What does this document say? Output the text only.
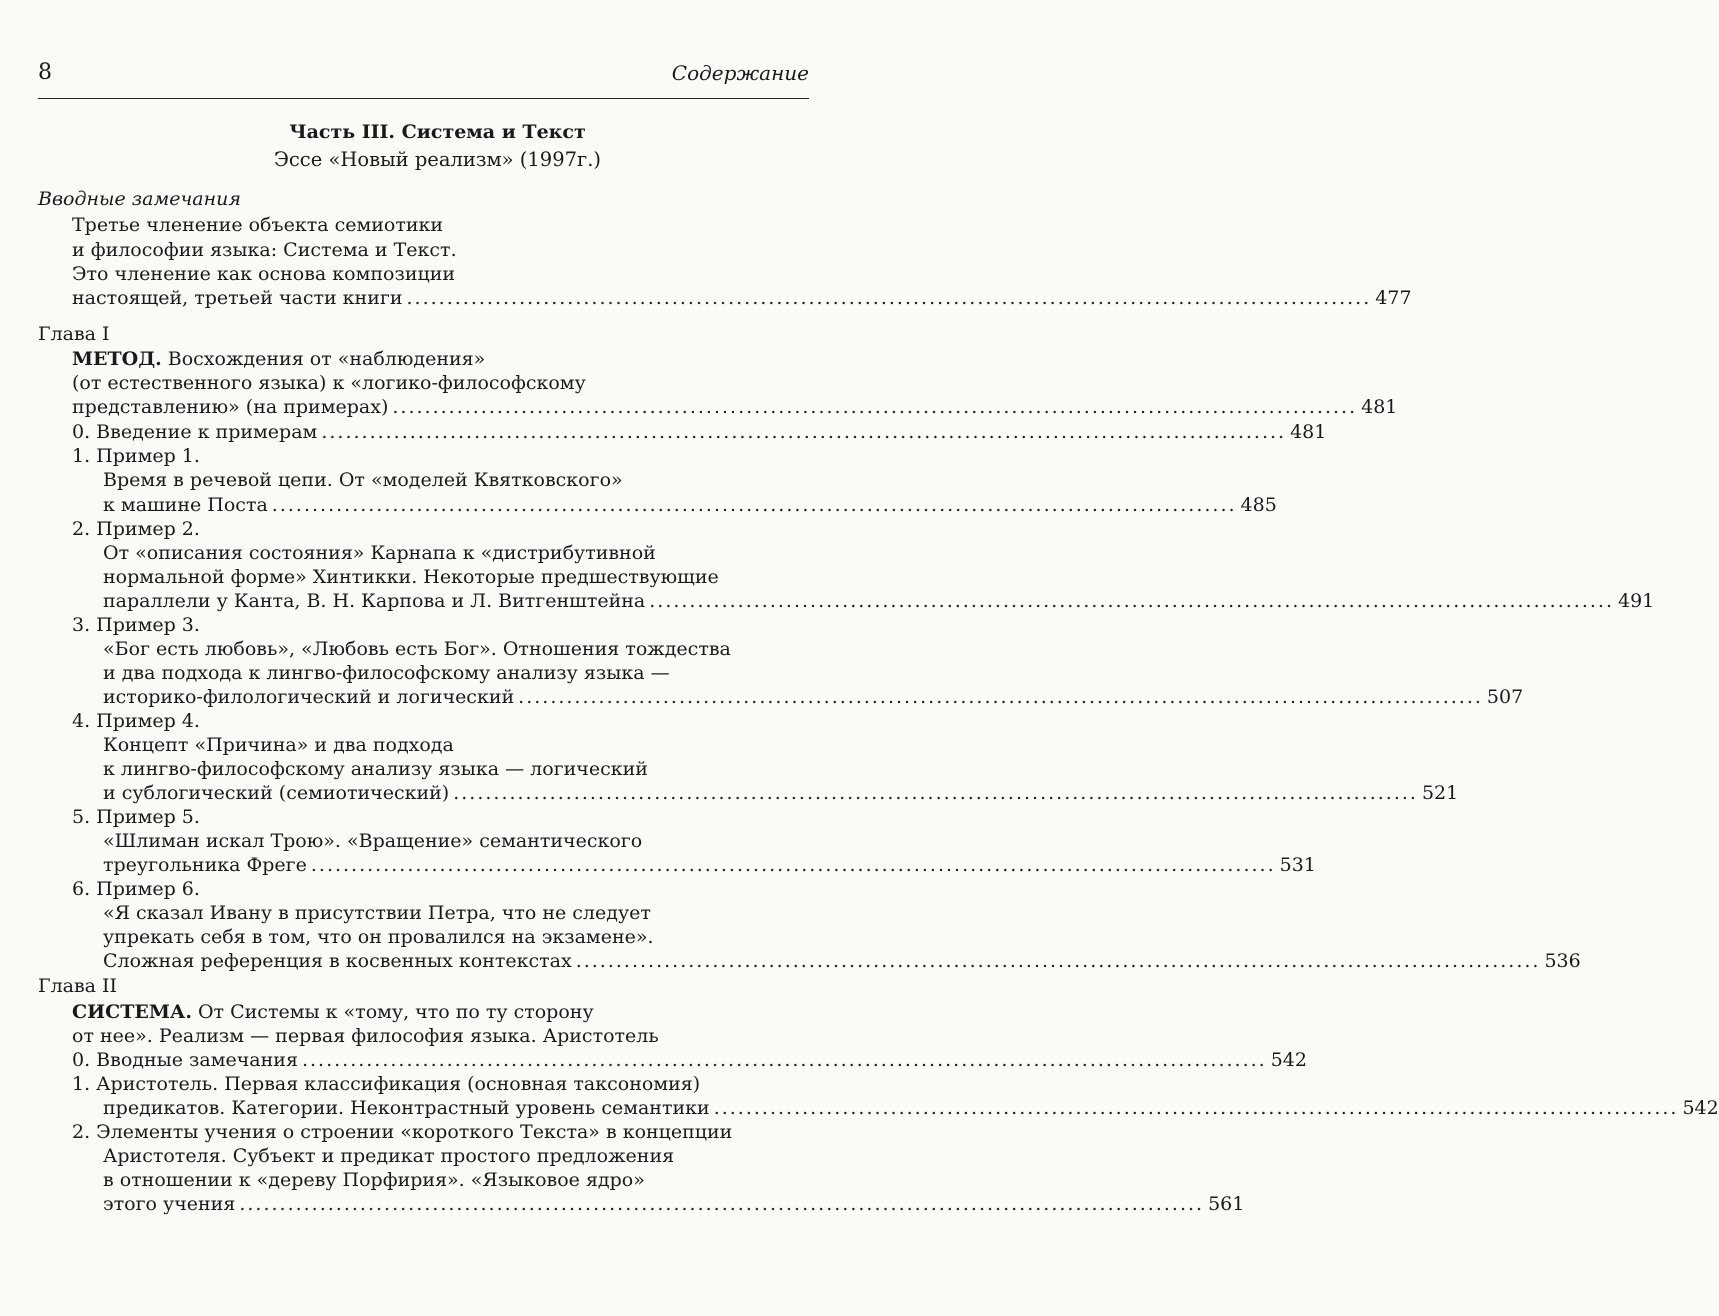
8	Содержание
Часть III. Система и Текст
Эссе «Новый реализм» (1997г.)
Вводные замечания
Третье членение объекта семиотики
и философии языка: Система и Текст.
Это членение как основа композиции
настоящей, третьей части книги ........................................................................................................................ 477
Глава I
МЕТОД. Восхождения от «наблюдения»
(от естественного языка) к «логико-философскому
представлению» (на примерах) ........................................................................................................................ 481
0. Введение к примерам ........................................................................................................................ 481
1. Пример 1.
Время в речевой цепи. От «моделей Квятковского»
к машине Поста ........................................................................................................................ 485
2. Пример 2.
От «описания состояния» Карнапа к «дистрибутивной
нормальной форме» Хинтикки. Некоторые предшествующие
параллели у Канта, В. Н. Карпова и Л. Витгенштейна ........................................................................................................................ 491
3. Пример 3.
«Бог есть любовь», «Любовь есть Бог». Отношения тождества
и два подхода к лингво-философскому анализу языка —
историко-филологический и логический ........................................................................................................................ 507
4. Пример 4.
Концепт «Причина» и два подхода
к лингво-философскому анализу языка — логический
и сублогический (семиотический) ........................................................................................................................ 521
5. Пример 5.
«Шлиман искал Трою». «Вращение» семантического
треугольника Фреге ........................................................................................................................ 531
6. Пример 6.
«Я сказал Ивану в присутствии Петра, что не следует
упрекать себя в том, что он провалился на экзамене».
Сложная референция в косвенных контекстах ........................................................................................................................ 536
Глава II
СИСТЕМА. От Системы к «тому, что по ту сторону
от нее». Реализм — первая философия языка. Аристотель
0. Вводные замечания ........................................................................................................................ 542
1. Аристотель. Первая классификация (основная таксономия)
предикатов. Категории. Неконтрастный уровень семантики ........................................................................................................................ 542
2. Элементы учения о строении «короткого Текста» в концепции
Аристотеля. Субъект и предикат простого предложения
в отношении к «дереву Порфирия». «Языковое ядро»
этого учения ........................................................................................................................ 561
